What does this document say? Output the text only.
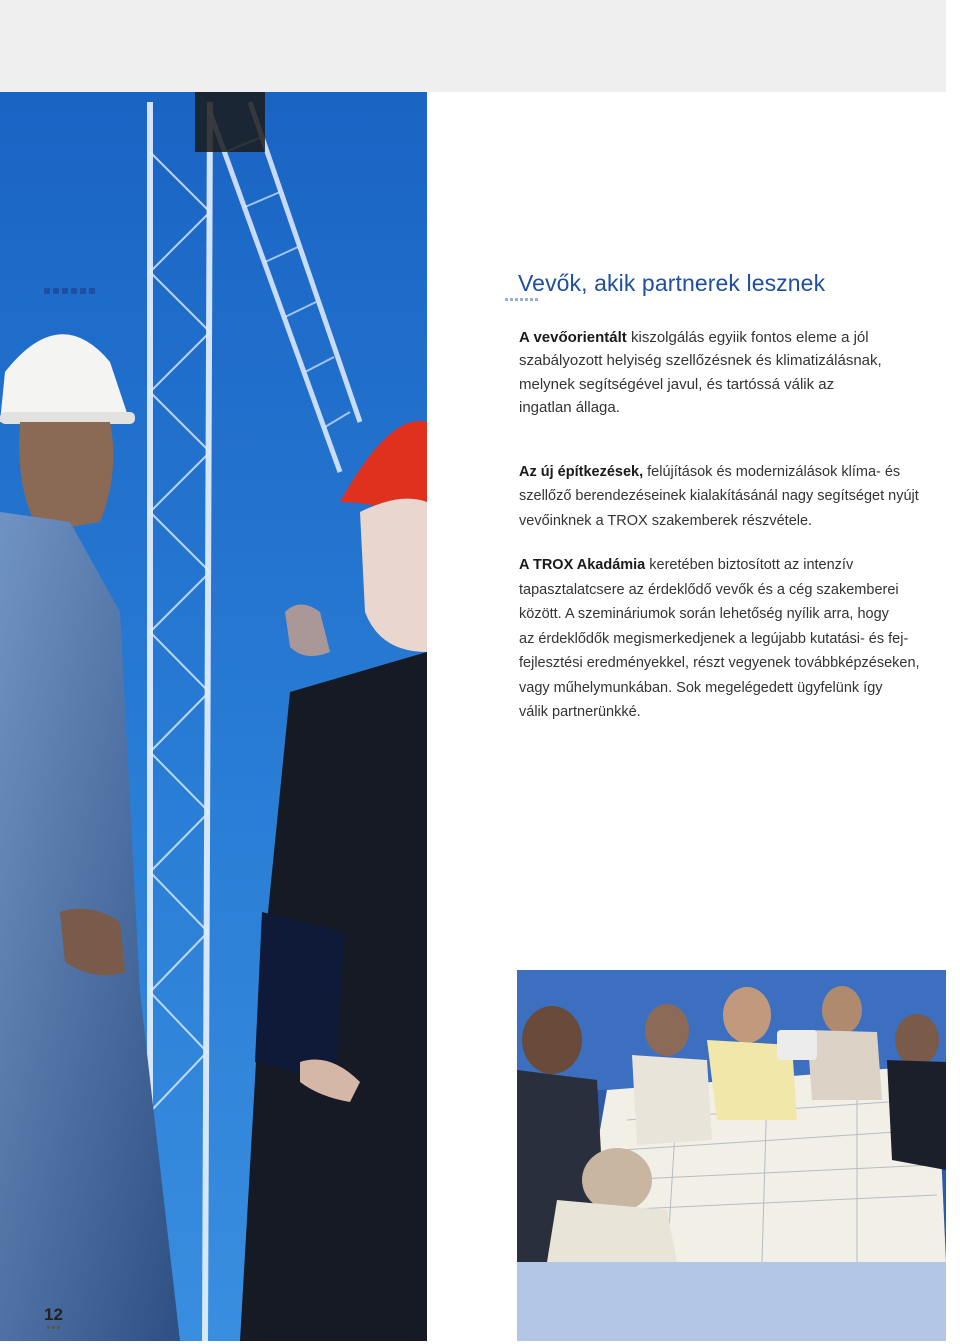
Vevők, akik partnerek lesznek

A vevőorientált kiszolgálás egyiik fontos eleme a jól
szabályozott helyiség szellőzésnek és klimatizálásnak,
melynek segítségével javul, és tartóssá válik az
ingatlan állaga.

Az új építkezések, felújítások és modernizálások klíma- és
szellőző berendezéseinek kialakításánál nagy segítséget nyújt
vevőinknek a TROX szakemberek részvétele.

A TROX Akadámia keretében biztosított az intenzív
tapasztalatcsere az érdeklődő vevők és a cég szakemberei
között. A szemináriumok során lehetőség nyílik arra, hogy
az érdeklődők megismerkedjenek a legújabb kutatási- és fej-
fejlesztési eredményekkel, részt vegyenek továbbképzéseken,
vagy műhelymunkában. Sok megelégedett ügyfelünk így
válik partnerünkké.

12
